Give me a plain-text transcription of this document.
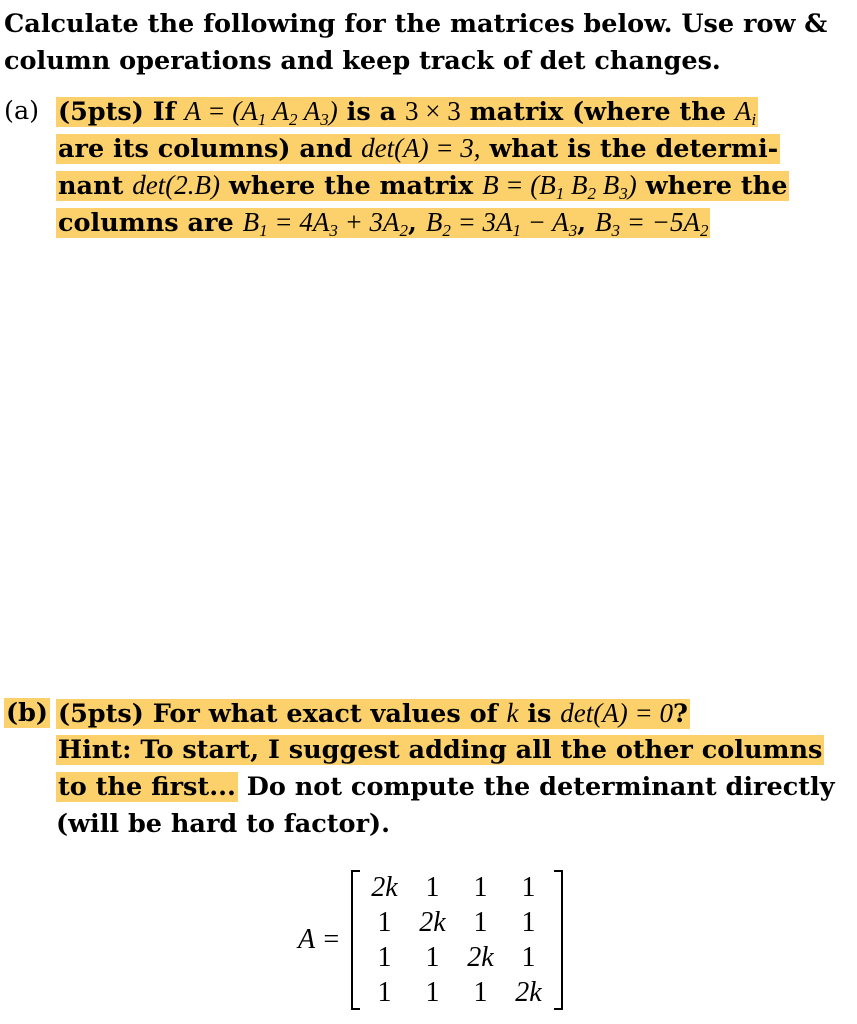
Calculate the following for the matrices below. Use row &
column operations and keep track of det changes.

(a) (5pts) If $A = (A_1$ $A_2$ $A_3$) is a 3 × 3 matrix (where the $A_i$
are its columns) and det(A) = 3, what is the determi-
nant det(2.B) where the matrix $B = (B_1$ $B_2$ $B_3$) where the
columns are $B_1 = 4A_3 + 3A_2$, $B_2 = 3A_1 - A_3$, $B_3 = -5A_2$
(b) (5pts) For what exact values of k is det(A) = 0?
Hint: To start, I suggest adding all the other columns
to the first... Do not compute the determinant directly
(will be hard to factor).
A =
2k	1	1	1
1	2k	1	1
1	1	2k	1
1	1	1	2k
